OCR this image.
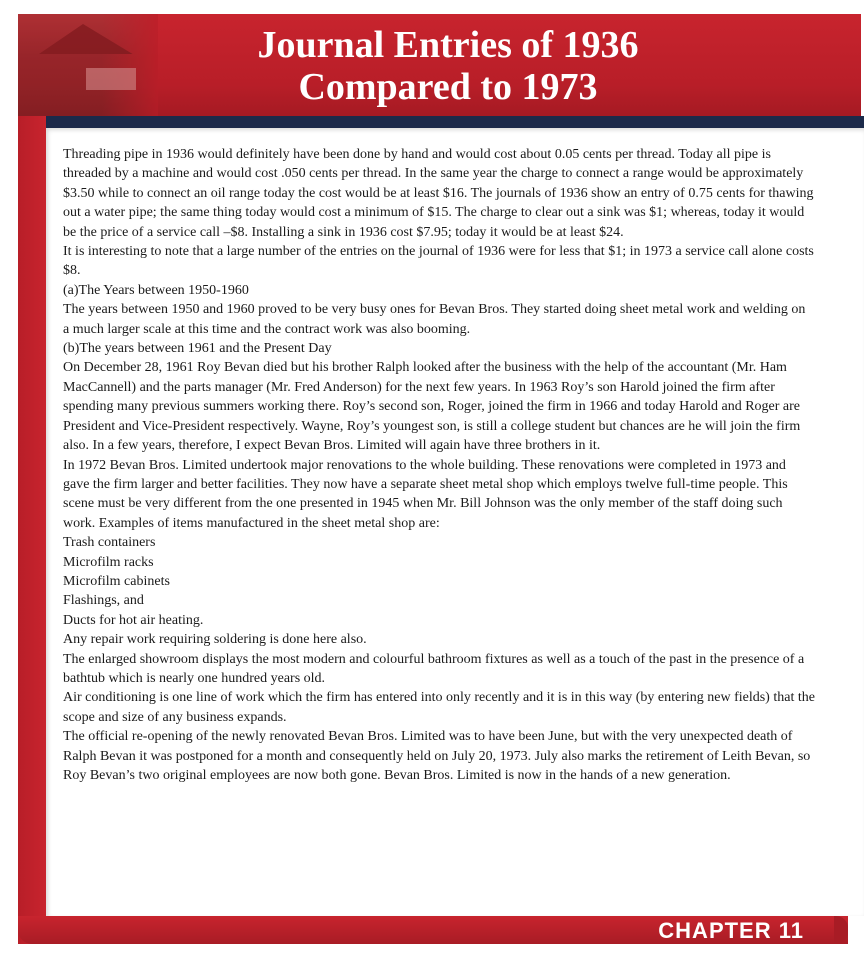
Journal Entries of 1936
Compared to 1973

Threading pipe in 1936 would definitely have been done by hand and would cost about 0.05 cents per thread. Today all pipe is threaded by a machine and would cost .050 cents per thread. In the same year the charge to connect a range would be approximately $3.50 while to connect an oil range today the cost would be at least $16. The journals of 1936 show an entry of 0.75 cents for thawing out a water pipe; the same thing today would cost a minimum of $15. The charge to clear out a sink was $1; whereas, today it would be the price of a service call –$8. Installing a sink in 1936 cost $7.95; today it would be at least $24.

It is interesting to note that a large number of the entries on the journal of 1936 were for less that $1; in 1973 a service call alone costs $8.

(a)The Years between 1950-1960

The years between 1950 and 1960 proved to be very busy ones for Bevan Bros. They started doing sheet metal work and welding on a much larger scale at this time and the contract work was also booming.

(b)The years between 1961 and the Present Day

On December 28, 1961 Roy Bevan died but his brother Ralph looked after the business with the help of the accountant (Mr. Ham MacCannell) and the parts manager (Mr. Fred Anderson) for the next few years. In 1963 Roy’s son Harold joined the firm after spending many previous summers working there. Roy’s second son, Roger, joined the firm in 1966 and today Harold and Roger are President and Vice-President respectively. Wayne, Roy’s youngest son, is still a college student but chances are he will join the firm also. In a few years, therefore, I expect Bevan Bros. Limited will again have three brothers in it.

In 1972 Bevan Bros. Limited undertook major renovations to the whole building. These renovations were completed in 1973 and gave the firm larger and better facilities. They now have a separate sheet metal shop which employs twelve full-time people. This scene must be very different from the one presented in 1945 when Mr. Bill Johnson was the only member of the staff doing such work. Examples of items manufactured in the sheet metal shop are:

Trash containers

Microfilm racks

Microfilm cabinets

Flashings, and

Ducts for hot air heating.

Any repair work requiring soldering is done here also.

The enlarged showroom displays the most modern and colourful bathroom fixtures as well as a touch of the past in the presence of a bathtub which is nearly one hundred years old.

Air conditioning is one line of work which the firm has entered into only recently and it is in this way (by entering new fields) that the scope and size of any business expands.

The official re-opening of the newly renovated Bevan Bros. Limited was to have been June, but with the very unexpected death of Ralph Bevan it was postponed for a month and consequently held on July 20, 1973. July also marks the retirement of Leith Bevan, so Roy Bevan’s two original employees are now both gone. Bevan Bros. Limited is now in the hands of a new generation.

CHAPTER 11
